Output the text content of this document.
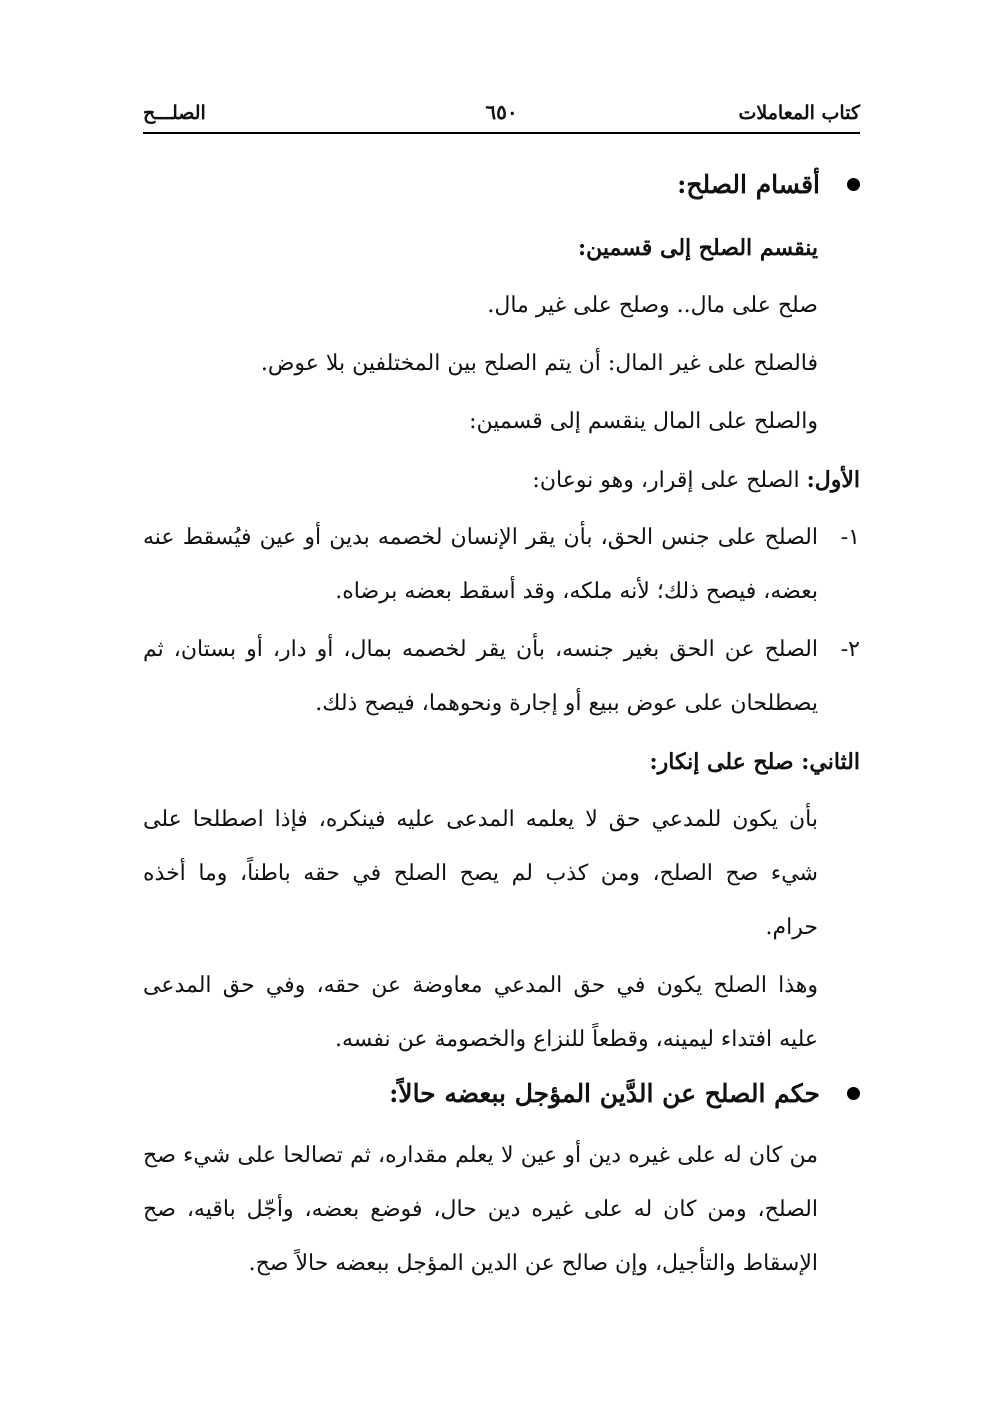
كتاب المعاملات
٦٥٠
الصلـــح
أقسام الصلح:
ينقسم الصلح إلى قسمين:
صلح على مال.. وصلح على غير مال.
فالصلح على غير المال: أن يتم الصلح بين المختلفين بلا عوض.
والصلح على المال ينقسم إلى قسمين:
الأول: الصلح على إقرار، وهو نوعان:
١-
الصلح على جنس الحق، بأن يقر الإنسان لخصمه بدين أو عين فيُسقط عنه
بعضه، فيصح ذلك؛ لأنه ملكه، وقد أسقط بعضه برضاه.
٢-
الصلح عن الحق بغير جنسه، بأن يقر لخصمه بمال، أو دار، أو بستان، ثم
يصطلحان على عوض ببيع أو إجارة ونحوهما، فيصح ذلك.
الثاني: صلح على إنكار:
بأن يكون للمدعي حق لا يعلمه المدعى عليه فينكره، فإذا اصطلحا على
شيء صح الصلح، ومن كذب لم يصح الصلح في حقه باطناً، وما أخذه
حرام.
وهذا الصلح يكون في حق المدعي معاوضة عن حقه، وفي حق المدعى
عليه افتداء ليمينه، وقطعاً للنزاع والخصومة عن نفسه.
حكم الصلح عن الدَّين المؤجل ببعضه حالاً:
من كان له على غيره دين أو عين لا يعلم مقداره، ثم تصالحا على شيء صح
الصلح، ومن كان له على غيره دين حال، فوضع بعضه، وأجّل باقيه، صح
الإسقاط والتأجيل، وإن صالح عن الدين المؤجل ببعضه حالاً صح.
